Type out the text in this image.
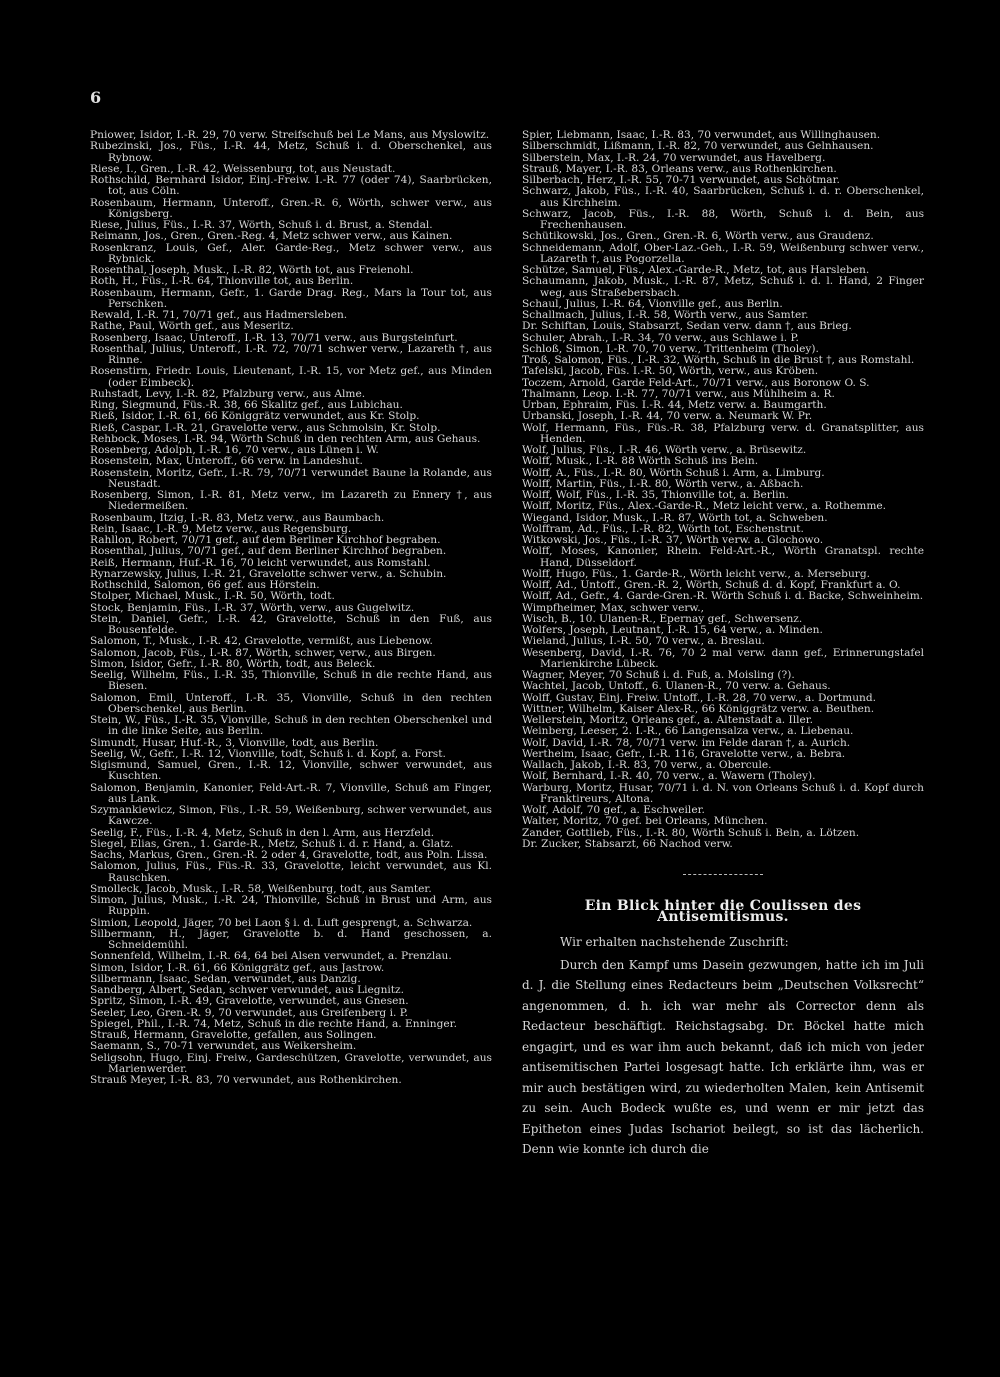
6

Pniower, Isidor, I.-R. 29, 70 verw. Streifschuß bei Le Mans, aus Myslowitz.

Rubezinski, Jos., Füs., I.-R. 44, Metz, Schuß i. d. Oberschenkel, aus Rybnow.

Riese, I., Gren., I.-R. 42, Weissenburg, tot, aus Neustadt.

Rothschild, Bernhard Isidor, Einj.-Freiw. I.-R. 77 (oder 74), Saarbrücken, tot, aus Cöln.

Rosenbaum, Hermann, Unteroff., Gren.-R. 6, Wörth, schwer verw., aus Königsberg.

Riese, Julius, Füs., I.-R. 37, Wörth, Schuß i. d. Brust, a. Stendal.

Reimann, Jos., Gren., Gren.-Reg. 4, Metz schwer verw., aus Kainen.

Rosenkranz, Louis, Gef., Aler. Garde-Reg., Metz schwer verw., aus Rybnick.

Rosenthal, Joseph, Musk., I.-R. 82, Wörth tot, aus Freienohl.

Roth, H., Füs., I.-R. 64, Thionville tot, aus Berlin.

Rosenbaum, Hermann, Gefr., 1. Garde Drag. Reg., Mars la Tour tot, aus Perschken.

Rewald, I.-R. 71, 70/71 gef., aus Hadmersleben.

Rathe, Paul, Wörth gef., aus Meseritz.

Rosenberg, Isaac, Unteroff., I.-R. 13, 70/71 verw., aus Burgsteinfurt.

Rosenthal, Julius, Unteroff., I.-R. 72, 70/71 schwer verw., Lazareth †, aus Rinne.

Rosenstirn, Friedr. Louis, Lieutenant, I.-R. 15, vor Metz gef., aus Minden (oder Eimbeck).

Ruhstadt, Levy, I.-R. 82, Pfalzburg verw., aus Alme.

Ring, Siegmund, Füs.-R. 38, 66 Skalitz gef., aus Lubichau.

Rieß, Isidor, I.-R. 61, 66 Königgrätz verwundet, aus Kr. Stolp.

Rieß, Caspar, I.-R. 21, Gravelotte verw., aus Schmolsin, Kr. Stolp.

Rehbock, Moses, I.-R. 94, Wörth Schuß in den rechten Arm, aus Gehaus.

Rosenberg, Adolph, I.-R. 16, 70 verw., aus Lünen i. W.

Rosenstein, Max, Unteroff., 66 verw. in Landeshut.

Rosenstein, Moritz, Gefr., I.-R. 79, 70/71 verwundet Baune la Rolande, aus Neustadt.

Rosenberg, Simon, I.-R. 81, Metz verw., im Lazareth zu Ennery †, aus Niedermeißen.

Rosenbaum, Itzig, I.-R. 83, Metz verw., aus Baumbach.

Rein, Isaac, I.-R. 9, Metz verw., aus Regensburg.

Rahllon, Robert, 70/71 gef., auf dem Berliner Kirchhof begraben.

Rosenthal, Julius, 70/71 gef., auf dem Berliner Kirchhof begraben.

Reiß, Hermann, Huf.-R. 16, 70 leicht verwundet, aus Romstahl.

Rynarzewsky, Julius, I.-R. 21, Gravelotte schwer verw., a. Schubin.

Rothschild, Salomon, 66 gef. aus Hörstein.

Stolper, Michael, Musk., I.-R. 50, Wörth, todt.

Stock, Benjamin, Füs., I.-R. 37, Wörth, verw., aus Gugelwitz.

Stein, Daniel, Gefr., I.-R. 42, Gravelotte, Schuß in den Fuß, aus Bousenfelde.

Salomon, T., Musk., I.-R. 42, Gravelotte, vermißt, aus Liebenow.

Salomon, Jacob, Füs., I.-R. 87, Wörth, schwer, verw., aus Birgen.

Simon, Isidor, Gefr., I.-R. 80, Wörth, todt, aus Beleck.

Seelig, Wilhelm, Füs., I.-R. 35, Thionville, Schuß in die rechte Hand, aus Biesen.

Salomon, Emil, Unteroff., I.-R. 35, Vionville, Schuß in den rechten Oberschenkel, aus Berlin.

Stein, W., Füs., I.-R. 35, Vionville, Schuß in den rechten Oberschenkel und in die linke Seite, aus Berlin.

Simundt, Husar, Huf.-R., 3, Vionville, todt, aus Berlin.

Seelig, W., Gefr., I.-R. 12, Vionville, todt, Schuß i. d. Kopf, a. Forst.

Sigismund, Samuel, Gren., I.-R. 12, Vionville, schwer verwundet, aus Kuschten.

Salomon, Benjamin, Kanonier, Feld-Art.-R. 7, Vionville, Schuß am Finger, aus Lank.

Szymankiewicz, Simon, Füs., I.-R. 59, Weißenburg, schwer verwundet, aus Kawcze.

Seelig, F., Füs., I.-R. 4, Metz, Schuß in den l. Arm, aus Herzfeld.

Siegel, Elias, Gren., 1. Garde-R., Metz, Schuß i. d. r. Hand, a. Glatz.

Sachs, Markus, Gren., Gren.-R. 2 oder 4, Gravelotte, todt, aus Poln. Lissa.

Salomon, Julius, Füs., Füs.-R. 33, Gravelotte, leicht verwundet, aus Kl. Rauschken.

Smolleck, Jacob, Musk., I.-R. 58, Weißenburg, todt, aus Samter.

Simon, Julius, Musk., I.-R. 24, Thionville, Schuß in Brust und Arm, aus Ruppin.

Simion, Leopold, Jäger, 70 bei Laon § i. d. Luft gesprengt, a. Schwarza.

Silbermann, H., Jäger, Gravelotte b. d. Hand geschossen, a. Schneidemühl.

Sonnenfeld, Wilhelm, I.-R. 64, 64 bei Alsen verwundet, a. Prenzlau.

Simon, Isidor, I.-R. 61, 66 Königgrätz gef., aus Jastrow.

Silbermann, Isaac, Sedan, verwundet, aus Danzig.

Sandberg, Albert, Sedan, schwer verwundet, aus Liegnitz.

Spritz, Simon, I.-R. 49, Gravelotte, verwundet, aus Gnesen.

Seeler, Leo, Gren.-R. 9, 70 verwundet, aus Greifenberg i. P.

Spiegel, Phil., I.-R. 74, Metz, Schuß in die rechte Hand, a. Enninger.

Strauß, Hermann, Gravelotte, gefallen, aus Solingen.

Saemann, S., 70-71 verwundet, aus Weikersheim.

Seligsohn, Hugo, Einj. Freiw., Gardeschützen, Gravelotte, verwundet, aus Marienwerder.

Strauß Meyer, I.-R. 83, 70 verwundet, aus Rothenkirchen.

Spier, Liebmann, Isaac, I.-R. 83, 70 verwundet, aus Willinghausen.

Silberschmidt, Lißmann, I.-R. 82, 70 verwundet, aus Gelnhausen.

Silberstein, Max, I.-R. 24, 70 verwundet, aus Havelberg.

Strauß, Mayer, I.-R. 83, Orleans verw., aus Rothenkirchen.

Silberbach, Herz, I.-R. 55, 70-71 verwundet, aus Schötmar.

Schwarz, Jakob, Füs., I.-R. 40, Saarbrücken, Schuß i. d. r. Oberschenkel, aus Kirchheim.

Schwarz, Jacob, Füs., I.-R. 88, Wörth, Schuß i. d. Bein, aus Frechenhausen.

Schütikowski, Jos., Gren., Gren.-R. 6, Wörth verw., aus Graudenz.

Schneidemann, Adolf, Ober-Laz.-Geh., I.-R. 59, Weißenburg schwer verw., Lazareth †, aus Pogorzella.

Schütze, Samuel, Füs., Alex.-Garde-R., Metz, tot, aus Harsleben.

Schaumann, Jakob, Musk., I.-R. 87, Metz, Schuß i. d. l. Hand, 2 Finger weg, aus Straßebersbach.

Schaul, Julius, I.-R. 64, Vionville gef., aus Berlin.

Schallmach, Julius, I.-R. 58, Wörth verw., aus Samter.

Dr. Schiftan, Louis, Stabsarzt, Sedan verw. dann †, aus Brieg.

Schuler, Abrah., I.-R. 34, 70 verw., aus Schlawe i. P.

Schloß, Simon, I.-R. 70, 70 verw., Trittenheim (Tholey).

Troß, Salomon, Füs., I.-R. 32, Wörth, Schuß in die Brust †, aus Romstahl.

Tafelski, Jacob, Füs. I.-R. 50, Wörth, verw., aus Kröben.

Toczem, Arnold, Garde Feld-Art., 70/71 verw., aus Boronow O. S.

Thalmann, Leop. I.-R. 77, 70/71 verw., aus Mühlheim a. R.

Urban, Ephraim, Füs. I.-R. 44, Metz verw. a. Baumgarth.

Urbanski, Joseph, I.-R. 44, 70 verw. a. Neumark W. Pr.

Wolf, Hermann, Füs., Füs.-R. 38, Pfalzburg verw. d. Granatsplitter, aus Henden.

Wolf, Julius, Füs., I.-R. 46, Wörth verw., a. Brüsewitz.

Wolff, Musk., I.-R. 88 Wörth Schuß ins Bein.

Wolff, A., Füs., I.-R. 80, Wörth Schuß i. Arm, a. Limburg.

Wolff, Martin, Füs., I.-R. 80, Wörth verw., a. Aßbach.

Wolff, Wolf, Füs., I.-R. 35, Thionville tot, a. Berlin.

Wolff, Moritz, Füs., Alex.-Garde-R., Metz leicht verw., a. Rothemme.

Wiegand, Isidor, Musk., I.-R. 87, Wörth tot, a. Schweben.

Wolffram, Ad., Füs., I.-R. 82, Wörth tot, Eschenstrut.

Witkowski, Jos., Füs., I.-R. 37, Wörth verw. a. Glochowo.

Wolff, Moses, Kanonier, Rhein. Feld-Art.-R., Wörth Granatspl. rechte Hand, Düsseldorf.

Wolff, Hugo, Füs., 1. Garde-R., Wörth leicht verw., a. Merseburg.

Wolff, Ad., Untoff., Gren.-R. 2, Wörth, Schuß d. d. Kopf, Frankfurt a. O.

Wolff, Ad., Gefr., 4. Garde-Gren.-R. Wörth Schuß i. d. Backe, Schweinheim.

Wimpfheimer, Max, schwer verw.,

Wisch, B., 10. Ulanen-R., Epernay gef., Schwersenz.

Wolfers, Joseph, Leutnant, I.-R. 15, 64 verw., a. Minden.

Wieland, Julius, I.-R. 50, 70 verw., a. Breslau.

Wesenberg, David, I.-R. 76, 70 2 mal verw. dann gef., Erinnerungstafel Marienkirche Lübeck.

Wagner, Meyer, 70 Schuß i. d. Fuß, a. Moisling (?).

Wachtel, Jacob, Untoff., 6. Ulanen-R., 70 verw. a. Gehaus.

Wolff, Gustav, Einj. Freiw. Untoff., I.-R. 28, 70 verw., a. Dortmund.

Wittner, Wilhelm, Kaiser Alex-R., 66 Königgrätz verw. a. Beuthen.

Wellerstein, Moritz, Orleans gef., a. Altenstadt a. Iller.

Weinberg, Leeser, 2. I.-R., 66 Langensalza verw., a. Liebenau.

Wolf, David, I.-R. 78, 70/71 verw. im Felde daran †, a. Aurich.

Wertheim, Isaac, Gefr., I.-R. 116, Gravelotte verw., a. Bebra.

Wallach, Jakob, I.-R. 83, 70 verw., a. Obercule.

Wolf, Bernhard, I.-R. 40, 70 verw., a. Wawern (Tholey).

Warburg, Moritz, Husar, 70/71 i. d. N. von Orleans Schuß i. d. Kopf durch Franktireurs, Altona.

Wolf, Adolf, 70 gef., a. Eschweiler.

Walter, Moritz, 70 gef. bei Orleans, München.

Zander, Gottlieb, Füs., I.-R. 80, Wörth Schuß i. Bein, a. Lötzen.

Dr. Zucker, Stabsarzt, 66 Nachod verw.

Ein Blick hinter die Coulissen des Antisemitismus.

Wir erhalten nachstehende Zuschrift:

Durch den Kampf ums Dasein gezwungen, hatte ich im Juli d. J. die Stellung eines Redacteurs beim „Deutschen Volksrecht“ angenommen, d. h. ich war mehr als Corrector denn als Redacteur beschäftigt. Reichstagsabg. Dr. Böckel hatte mich engagirt, und es war ihm auch bekannt, daß ich mich von jeder antisemitischen Partei losgesagt hatte. Ich erklärte ihm, was er mir auch bestätigen wird, zu wiederholten Malen, kein Antisemit zu sein. Auch Bodeck wußte es, und wenn er mir jetzt das Epitheton eines Judas Ischariot beilegt, so ist das lächerlich. Denn wie konnte ich durch die
